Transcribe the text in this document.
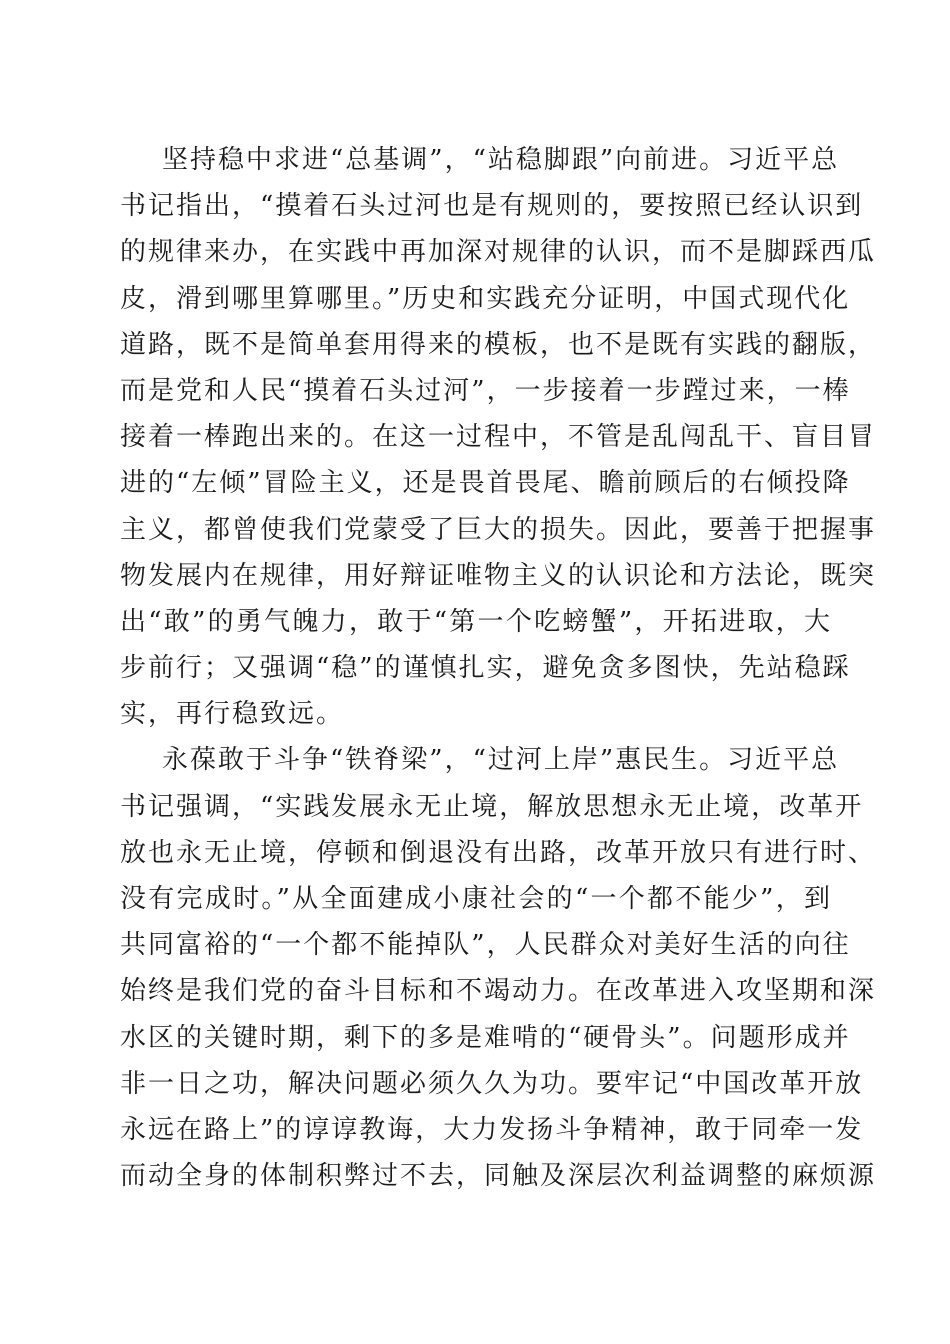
坚持稳中求进“总基调”，“站稳脚跟”向前进。习近平总
书记指出，“摸着石头过河也是有规则的，要按照已经认识到
的规律来办，在实践中再加深对规律的认识，而不是脚踩西瓜
皮，滑到哪里算哪里。”历史和实践充分证明，中国式现代化
道路，既不是简单套用得来的模板，也不是既有实践的翻版，
而是党和人民“摸着石头过河”，一步接着一步蹚过来，一棒
接着一棒跑出来的。在这一过程中，不管是乱闯乱干、盲目冒
进的“左倾”冒险主义，还是畏首畏尾、瞻前顾后的右倾投降
主义，都曾使我们党蒙受了巨大的损失。因此，要善于把握事
物发展内在规律，用好辩证唯物主义的认识论和方法论，既突
出“敢”的勇气魄力，敢于“第一个吃螃蟹”，开拓进取，大
步前行；又强调“稳”的谨慎扎实，避免贪多图快，先站稳踩
实，再行稳致远。
永葆敢于斗争“铁脊梁”，“过河上岸”惠民生。习近平总
书记强调，“实践发展永无止境，解放思想永无止境，改革开
放也永无止境，停顿和倒退没有出路，改革开放只有进行时、
没有完成时。”从全面建成小康社会的“一个都不能少”，到
共同富裕的“一个都不能掉队”，人民群众对美好生活的向往
始终是我们党的奋斗目标和不竭动力。在改革进入攻坚期和深
水区的关键时期，剩下的多是难啃的“硬骨头”。问题形成并
非一日之功，解决问题必须久久为功。要牢记“中国改革开放
永远在路上”的谆谆教诲，大力发扬斗争精神，敢于同牵一发
而动全身的体制积弊过不去，同触及深层次利益调整的麻烦源
